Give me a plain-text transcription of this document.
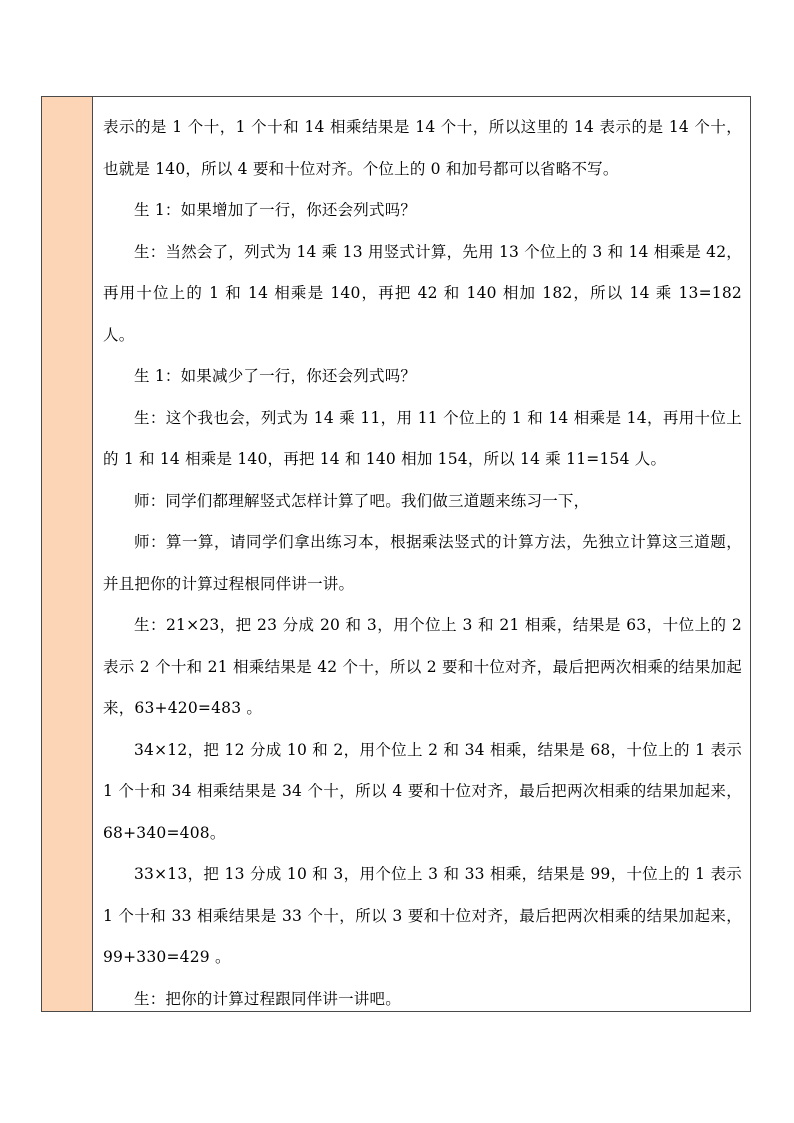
表示的是 1 个十，1 个十和 14 相乘结果是 14 个十，所以这里的 14 表示的是 14 个十，也就是 140，所以 4 要和十位对齐。个位上的 0 和加号都可以省略不写。

生 1：如果增加了一行，你还会列式吗？

生：当然会了，列式为 14 乘 13 用竖式计算，先用 13 个位上的 3 和 14 相乘是 42，再用十位上的 1 和 14 相乘是 140，再把 42 和 140 相加 182，所以 14 乘 13=182 人。

生 1：如果减少了一行，你还会列式吗？

生：这个我也会，列式为 14 乘 11，用 11 个位上的 1 和 14 相乘是 14，再用十位上的 1 和 14 相乘是 140，再把 14 和 140 相加 154，所以 14 乘 11=154 人。

师：同学们都理解竖式怎样计算了吧。我们做三道题来练习一下，

师：算一算，请同学们拿出练习本，根据乘法竖式的计算方法，先独立计算这三道题，并且把你的计算过程根同伴讲一讲。

生：21×23，把 23 分成 20 和 3，用个位上 3 和 21 相乘，结果是 63，十位上的 2 表示 2 个十和 21 相乘结果是 42 个十，所以 2 要和十位对齐，最后把两次相乘的结果加起来，63+420=483 。

34×12，把 12 分成 10 和 2，用个位上 2 和 34 相乘，结果是 68，十位上的 1 表示 1 个十和 34 相乘结果是 34 个十，所以 4 要和十位对齐，最后把两次相乘的结果加起来，68+340=408。

33×13，把 13 分成 10 和 3，用个位上 3 和 33 相乘，结果是 99，十位上的 1 表示 1 个十和 33 相乘结果是 33 个十，所以 3 要和十位对齐，最后把两次相乘的结果加起来，99+330=429 。

生：把你的计算过程跟同伴讲一讲吧。
